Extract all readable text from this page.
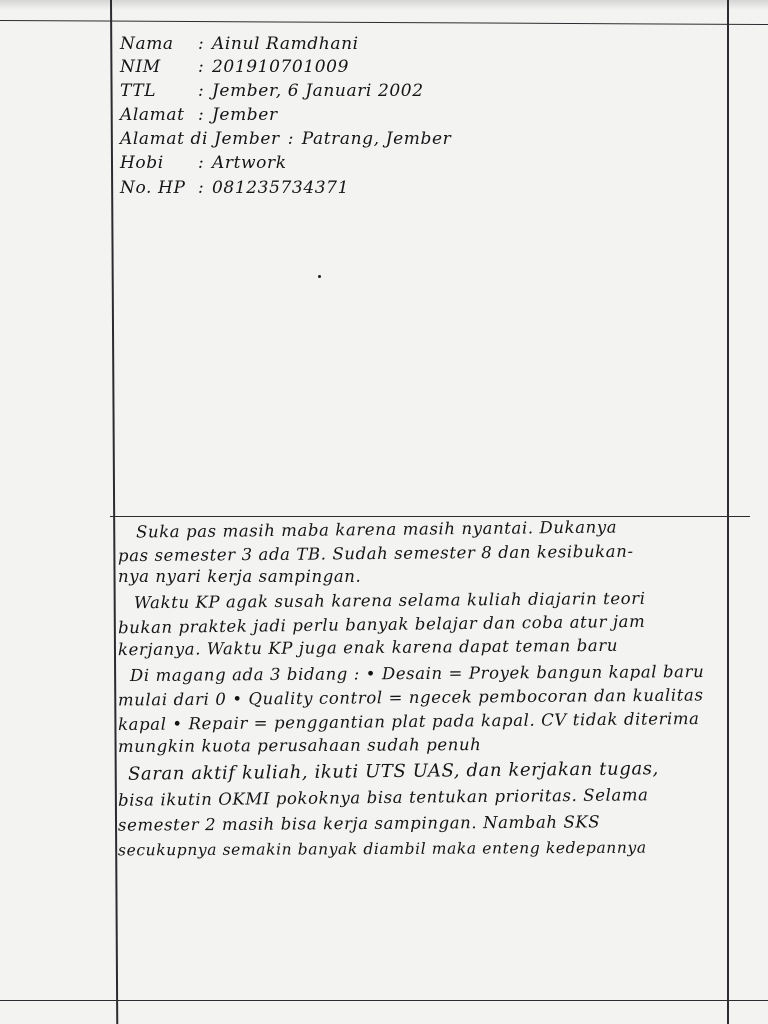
Nama	: Ainul Ramdhani
NIM	: 201910701009
TTL	: Jember, 6 Januari 2002
Alamat : Jember
Alamat di Jember : Patrang, Jember
Hobi	: Artwork
No. HP : 081235734371
Suka pas masih maba karena masih nyantai. Dukanya
pas semester 3 ada TB. Sudah semester 8 dan kesibukan-
nya nyari kerja sampingan.
Waktu KP agak susah karena selama kuliah diajarin teori
bukan praktek jadi perlu banyak belajar dan coba atur jam
kerjanya. Waktu KP juga enak karena dapat teman baru
Di magang ada 3 bidang : • Desain = Proyek bangun kapal baru
mulai dari 0 • Quality control = ngecek pembocoran dan kualitas
kapal • Repair = penggantian plat pada kapal. CV tidak diterima
mungkin kuota perusahaan sudah penuh
Saran aktif kuliah, ikuti UTS UAS, dan kerjakan tugas,
bisa ikutin OKMI pokoknya bisa tentukan prioritas. Selama
semester 2 masih bisa kerja sampingan. Nambah SKS
secukupnya semakin banyak diambil maka enteng kedepannya
